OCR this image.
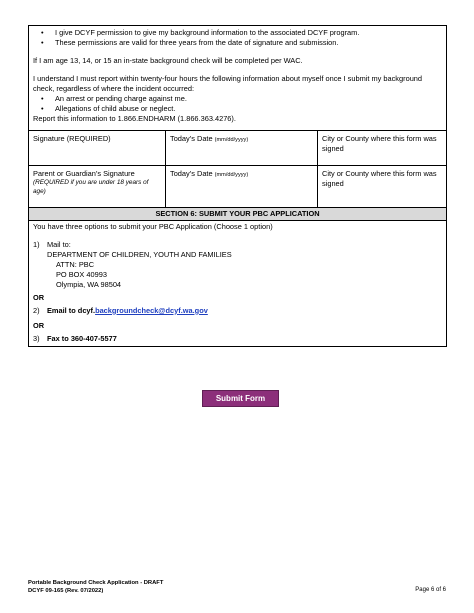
• I give DCYF permission to give my background information to the associated DCYF program.
• These permissions are valid for three years from the date of signature and submission.

If I am age 13, 14, or 15 an in-state background check will be completed per WAC.

I understand I must report within twenty-four hours the following information about myself once I submit my background check, regardless of where the incident occurred:

• An arrest or pending charge against me.
• Allegations of child abuse or neglect.

Report this information to 1.866.ENDHARM (1.866.363.4276).

Signature (REQUIRED)	Today’s Date (mm/dd/yyyy)	City or County where this form was signed
Parent or Guardian’s Signature
(REQUIRED if you are under 18 years of age)
Today’s Date (mm/dd/yyyy)	City or County where this form was signed
SECTION 6: SUBMIT YOUR PBC APPLICATION

You have three options to submit your PBC Application (Choose 1 option)

1)	Mail to:
DEPARTMENT OF CHILDREN, YOUTH AND FAMILIES
ATTN: PBC
PO BOX 40993
Olympia, WA 98504

OR

2) Email to dcyf.backgroundcheck@dcyf.wa.gov

OR

3) Fax to 360-407-5577

Submit Form
Portable Background Check Application - DRAFT
DCYF 09-165 (Rev. 07/2022)	Page 6 of 6
